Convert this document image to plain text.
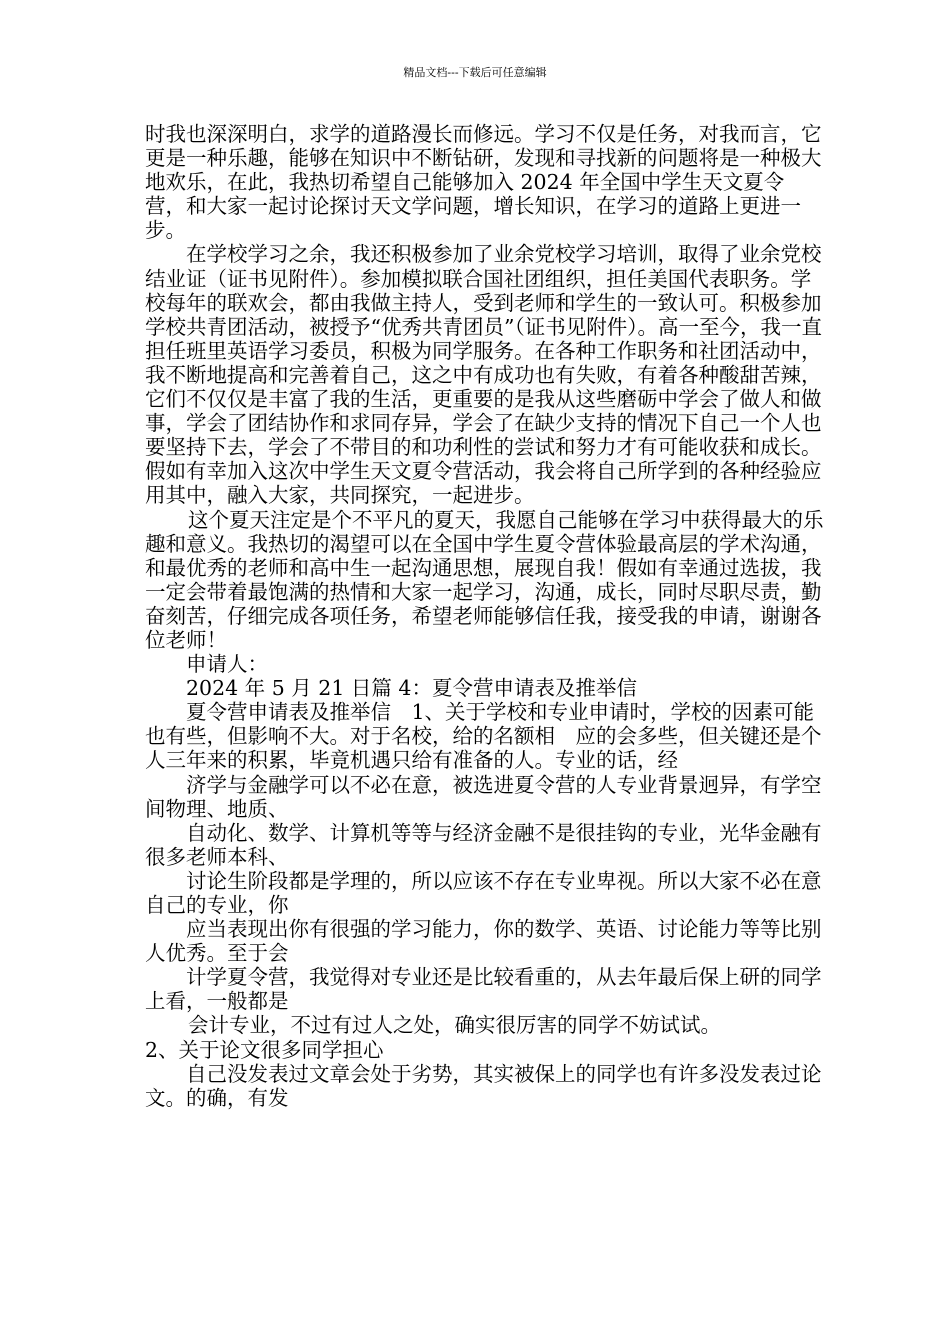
精品文档---下载后可任意编辑

时我也深深明白，求学的道路漫长而修远。学习不仅是任务，对我而言，它更是一种乐趣，能够在知识中不断钻研，发现和寻找新的问题将是一种极大地欢乐，在此，我热切希望自己能够加入 2024 年全国中学生天文夏令营，和大家一起讨论探讨天文学问题，增长知识，在学习的道路上更进一步。

在学校学习之余，我还积极参加了业余党校学习培训，取得了业余党校结业证（证书见附件）。参加模拟联合国社团组织，担任美国代表职务。学校每年的联欢会，都由我做主持人，受到老师和学生的一致认可。积极参加学校共青团活动，被授予“优秀共青团员”（证书见附件）。高一至今，我一直担任班里英语学习委员，积极为同学服务。在各种工作职务和社团活动中，我不断地提高和完善着自己，这之中有成功也有失败，有着各种酸甜苦辣，它们不仅仅是丰富了我的生活，更重要的是我从这些磨砺中学会了做人和做事，学会了团结协作和求同存异，学会了在缺少支持的情况下自己一个人也要坚持下去，学会了不带目的和功利性的尝试和努力才有可能收获和成长。假如有幸加入这次中学生天文夏令营活动，我会将自己所学到的各种经验应用其中，融入大家，共同探究，一起进步。

这个夏天注定是个不平凡的夏天，我愿自己能够在学习中获得最大的乐趣和意义。我热切的渴望可以在全国中学生夏令营体验最高层的学术沟通，和最优秀的老师和高中生一起沟通思想，展现自我！假如有幸通过选拔，我一定会带着最饱满的热情和大家一起学习，沟通，成长，同时尽职尽责，勤奋刻苦，仔细完成各项任务，希望老师能够信任我，接受我的申请，谢谢各位老师！

申请人：

2024 年 5 月 21 日篇 4：夏令营申请表及推举信

夏令营申请表及推举信　1、关于学校和专业申请时，学校的因素可能也有些，但影响不大。对于名校，给的名额相　应的会多些，但关键还是个人三年来的积累，毕竟机遇只给有准备的人。专业的话，经

济学与金融学可以不必在意，被选进夏令营的人专业背景迥异，有学空间物理、地质、

自动化、数学、计算机等等与经济金融不是很挂钩的专业，光华金融有很多老师本科、

讨论生阶段都是学理的，所以应该不存在专业卑视。所以大家不必在意自己的专业，你

应当表现出你有很强的学习能力，你的数学、英语、讨论能力等等比别人优秀。至于会

计学夏令营，我觉得对专业还是比较看重的，从去年最后保上研的同学上看，一般都是

会计专业，不过有过人之处，确实很厉害的同学不妨试试。

2、关于论文很多同学担心

自己没发表过文章会处于劣势，其实被保上的同学也有许多没发表过论文。的确，有发
